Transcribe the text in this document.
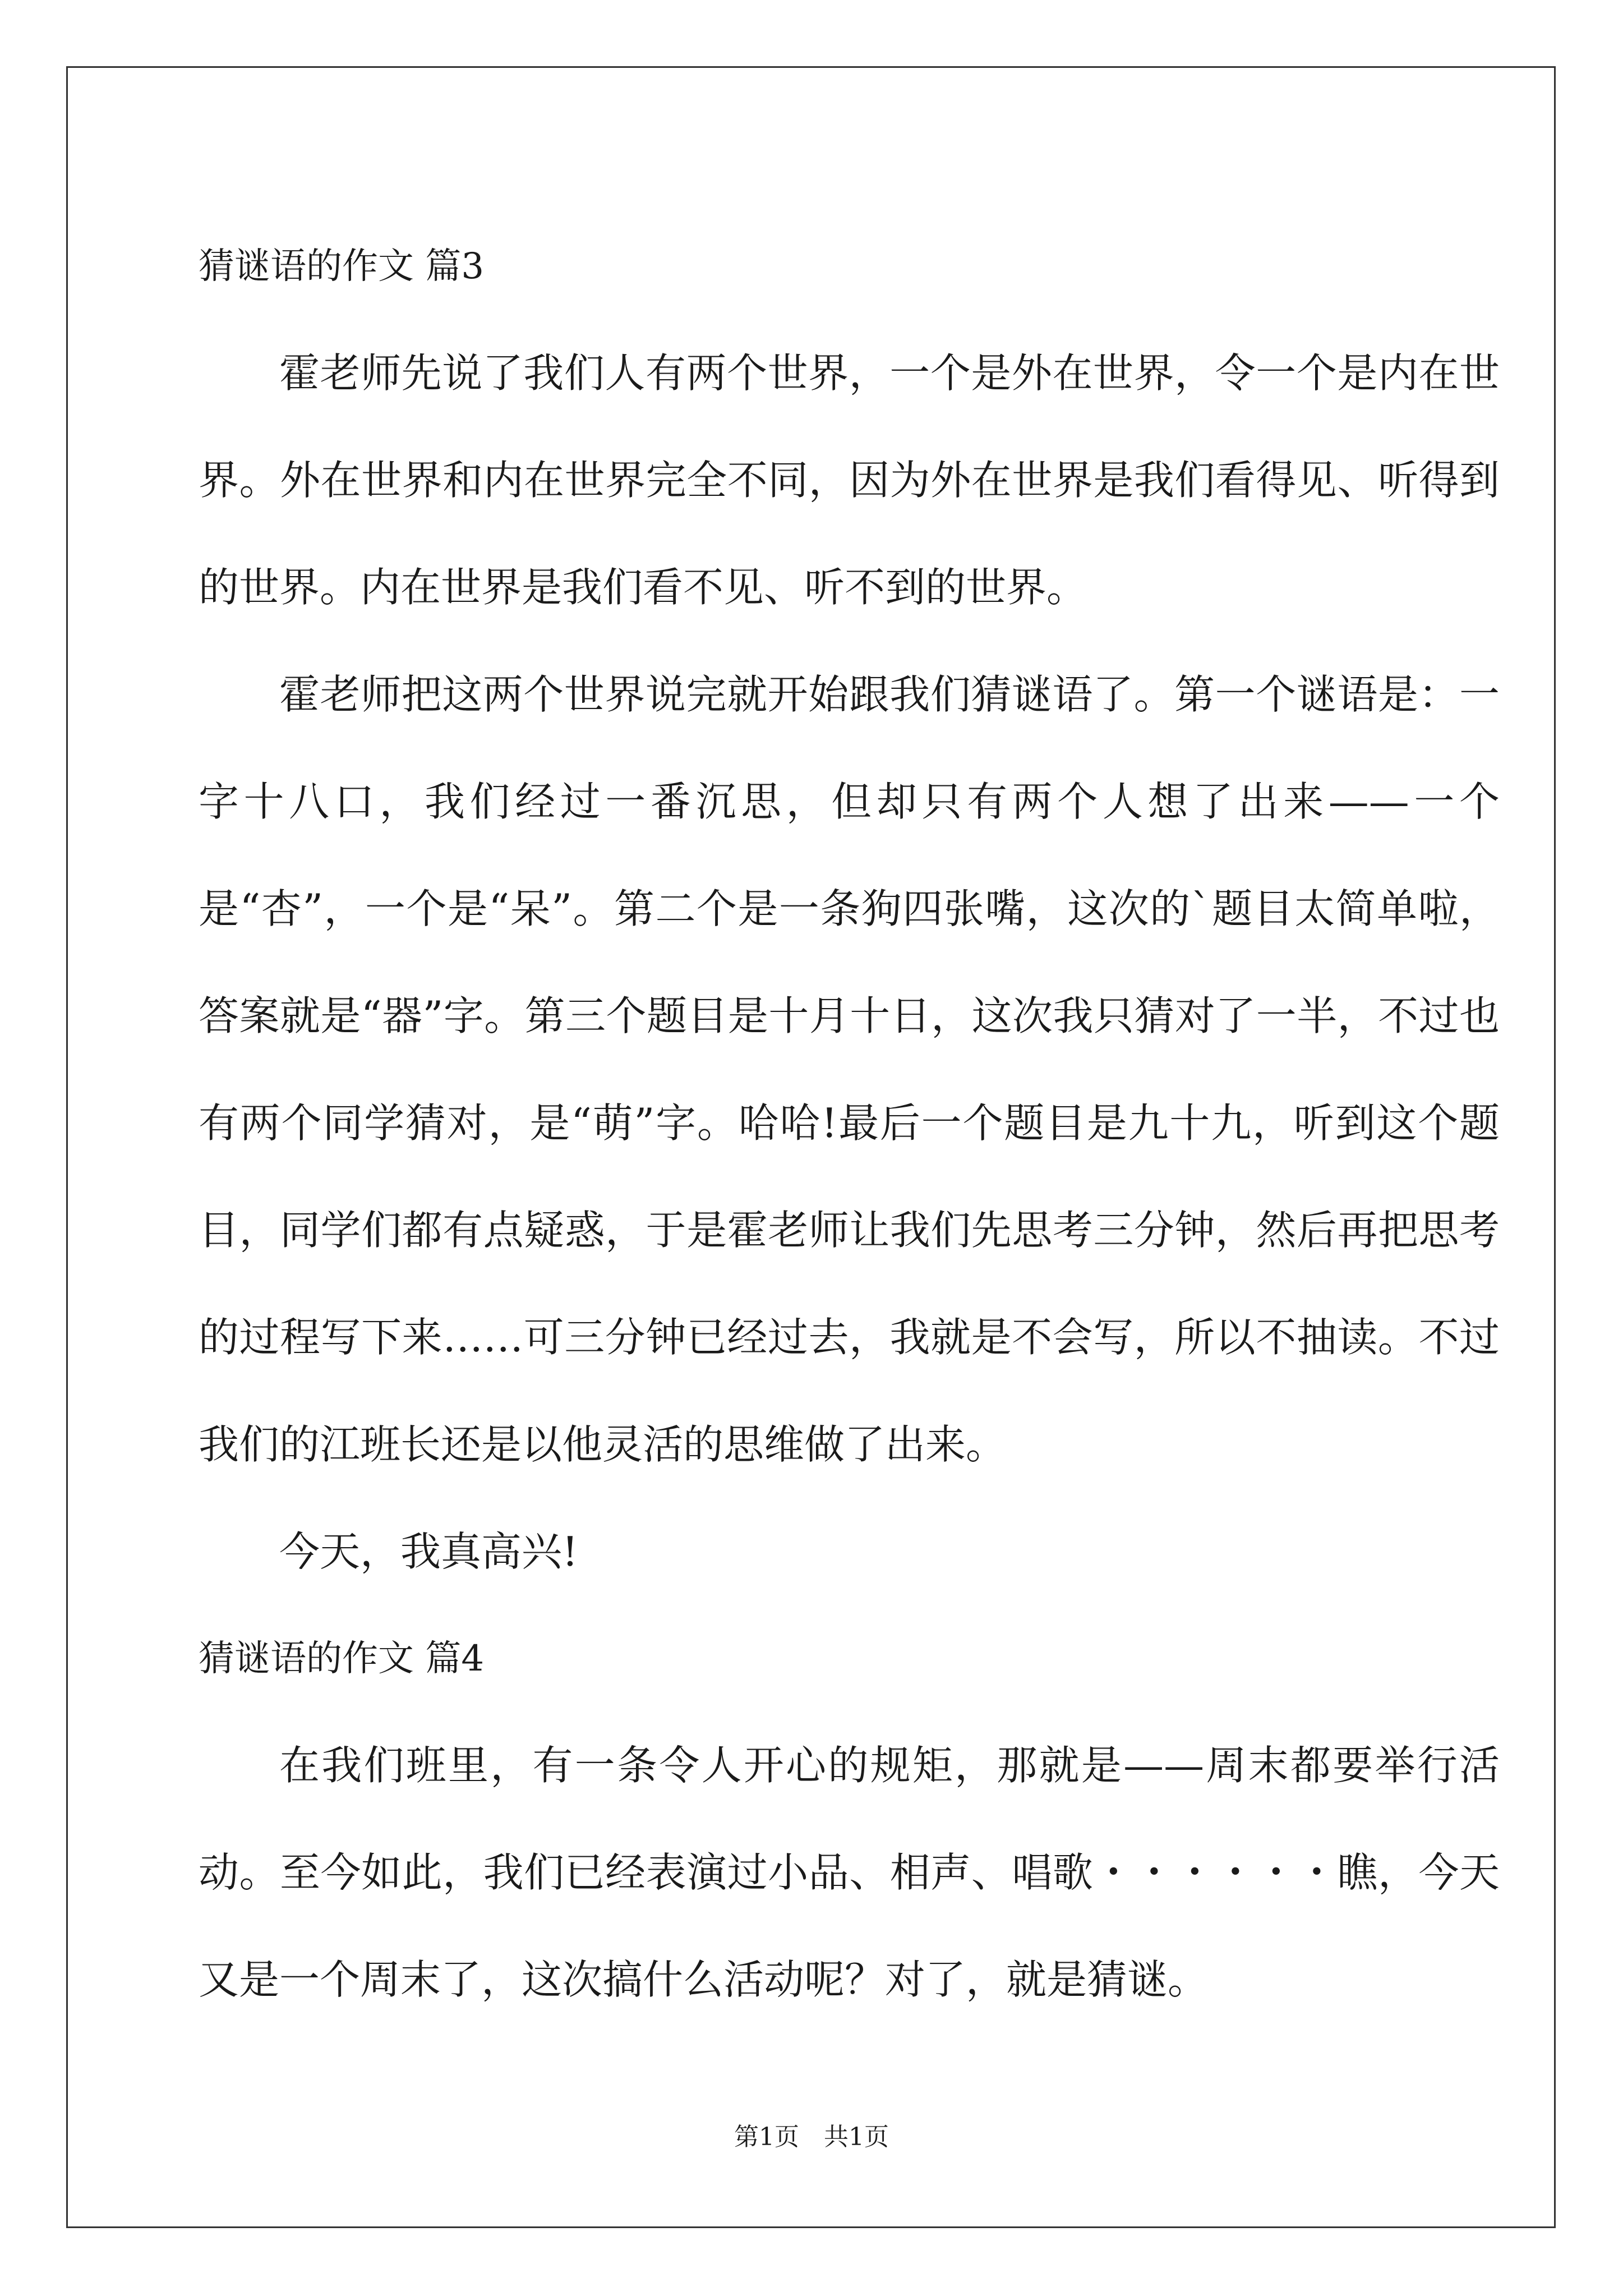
猜谜语的作文 篇3

霍老师先说了我们人有两个世界，一个是外在世界，令一个是内在世界。外在世界和内在世界完全不同，因为外在世界是我们看得见、听得到的世界。内在世界是我们看不见、听不到的世界。

霍老师把这两个世界说完就开始跟我们猜谜语了。第一个谜语是：一字十八口，我们经过一番沉思，但却只有两个人想了出来——一个是“杏”，一个是“呆”。第二个是一条狗四张嘴，这次的`题目太简单啦，答案就是“器”字。第三个题目是十月十日，这次我只猜对了一半，不过也有两个同学猜对，是“萌”字。哈哈!最后一个题目是九十九，听到这个题目，同学们都有点疑惑，于是霍老师让我们先思考三分钟，然后再把思考的过程写下来……可三分钟已经过去，我就是不会写，所以不抽读。不过我们的江班长还是以他灵活的思维做了出来。

今天，我真高兴!

猜谜语的作文 篇4

在我们班里，有一条令人开心的规矩，那就是——周末都要举行活动。至今如此，我们已经表演过小品、相声、唱歌・・・・・・瞧，今天又是一个周末了，这次搞什么活动呢？对了，就是猜谜。

第1页　共1页
